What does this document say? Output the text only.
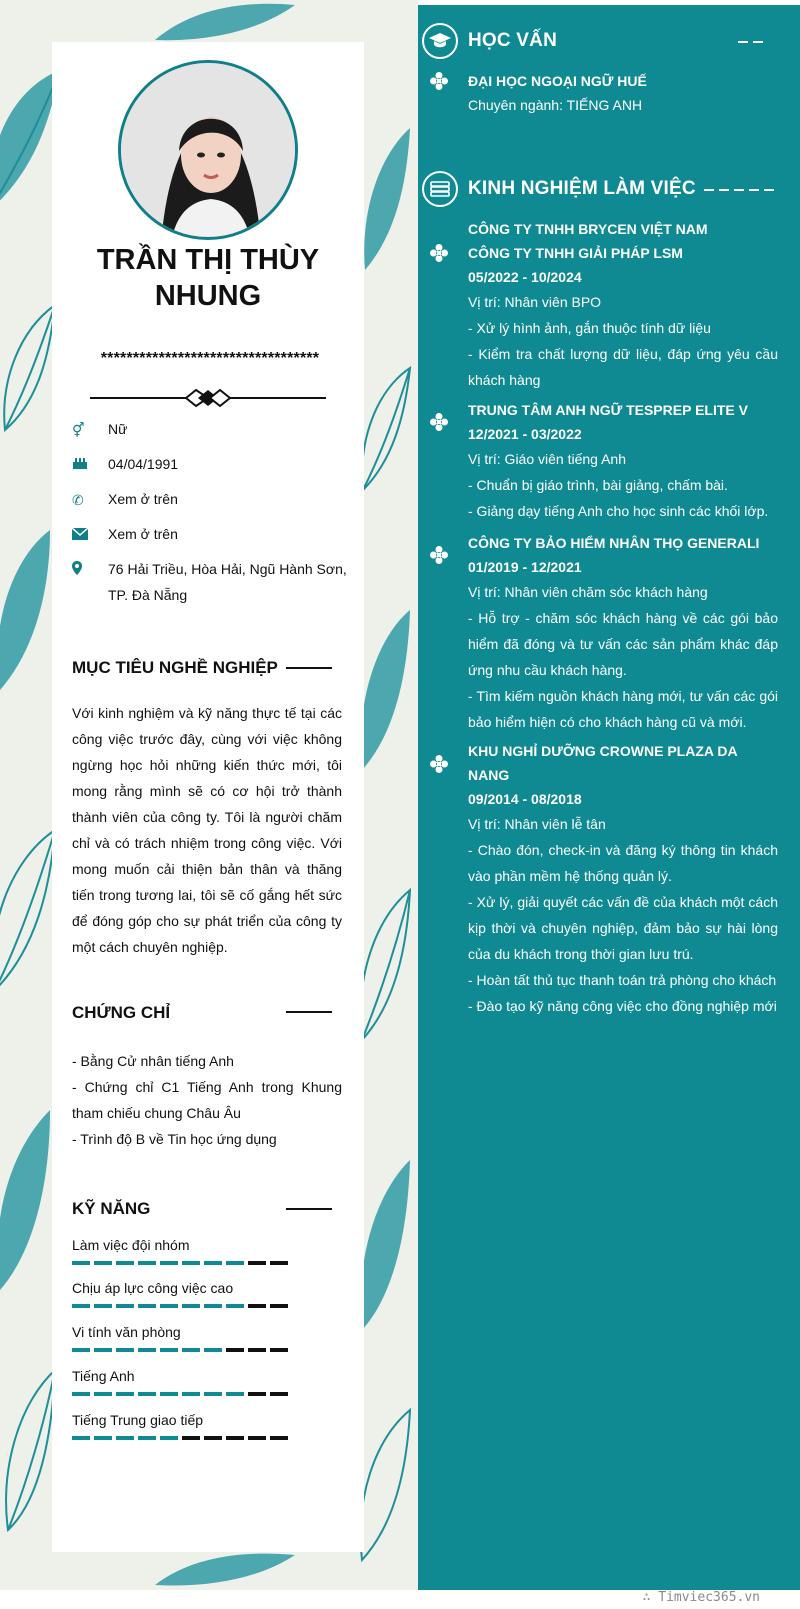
TRẦN THỊ THÙY NHUNG
**********************************
⚥	Nữ
04/04/1991
✆	Xem ở trên
Xem ở trên
76 Hải Triều, Hòa Hải, Ngũ Hành Sơn, TP. Đà Nẵng
MỤC TIÊU NGHỀ NGHIỆP
Với kinh nghiệm và kỹ năng thực tế tại các công việc trước đây, cùng với việc không ngừng học hỏi những kiến thức mới, tôi mong rằng mình sẽ có cơ hội trở thành thành viên của công ty. Tôi là người chăm chỉ và có trách nhiệm trong công việc. Với mong muốn cải thiện bản thân và thăng tiến trong tương lai, tôi sẽ cố gắng hết sức để đóng góp cho sự phát triển của công ty một cách chuyên nghiệp.
CHỨNG CHỈ
- Bằng Cử nhân tiếng Anh
- Chứng chỉ C1 Tiếng Anh trong Khung tham chiếu chung Châu Âu
- Trình độ B về Tin học ứng dụng
KỸ NĂNG
Làm việc đội nhóm
Chịu áp lực công việc cao
Vi tính văn phòng
Tiếng Anh
Tiếng Trung giao tiếp
HỌC VẤN
ĐẠI HỌC NGOẠI NGỮ HUẾ
Chuyên ngành: TIẾNG ANH
KINH NGHIỆM LÀM VIỆC
CÔNG TY TNHH BRYCEN VIỆT NAM
CÔNG TY TNHH GIẢI PHÁP LSM
05/2022 - 10/2024

Vị trí: Nhân viên BPO

- Xử lý hình ảnh, gắn thuộc tính dữ liệu

- Kiểm tra chất lượng dữ liệu, đáp ứng yêu cầu khách hàng

TRUNG TÂM ANH NGỮ TESPREP ELITE V
12/2021 - 03/2022

Vị trí: Giáo viên tiếng Anh

- Chuẩn bị giáo trình, bài giảng, chấm bài.

- Giảng dạy tiếng Anh cho học sinh các khối lớp.

CÔNG TY BẢO HIỂM NHÂN THỌ GENERALI
01/2019 - 12/2021

Vị trí: Nhân viên chăm sóc khách hàng

- Hỗ trợ - chăm sóc khách hàng về các gói bảo hiểm đã đóng và tư vấn các sản phẩm khác đáp ứng nhu cầu khách hàng.

- Tìm kiếm nguồn khách hàng mới, tư vấn các gói bảo hiểm hiện có cho khách hàng cũ và mới.

KHU NGHỈ DƯỠNG CROWNE PLAZA DA NANG
09/2014 - 08/2018

Vị trí: Nhân viên lễ tân

- Chào đón, check-in và đăng ký thông tin khách vào phần mềm hệ thống quản lý.

- Xử lý, giải quyết các vấn đề của khách một cách kịp thời và chuyên nghiệp, đảm bảo sự hài lòng của du khách trong thời gian lưu trú.

- Hoàn tất thủ tục thanh toán trả phòng cho khách

- Đào tạo kỹ năng công việc cho đồng nghiệp mới

∴ Timviec365.vn
